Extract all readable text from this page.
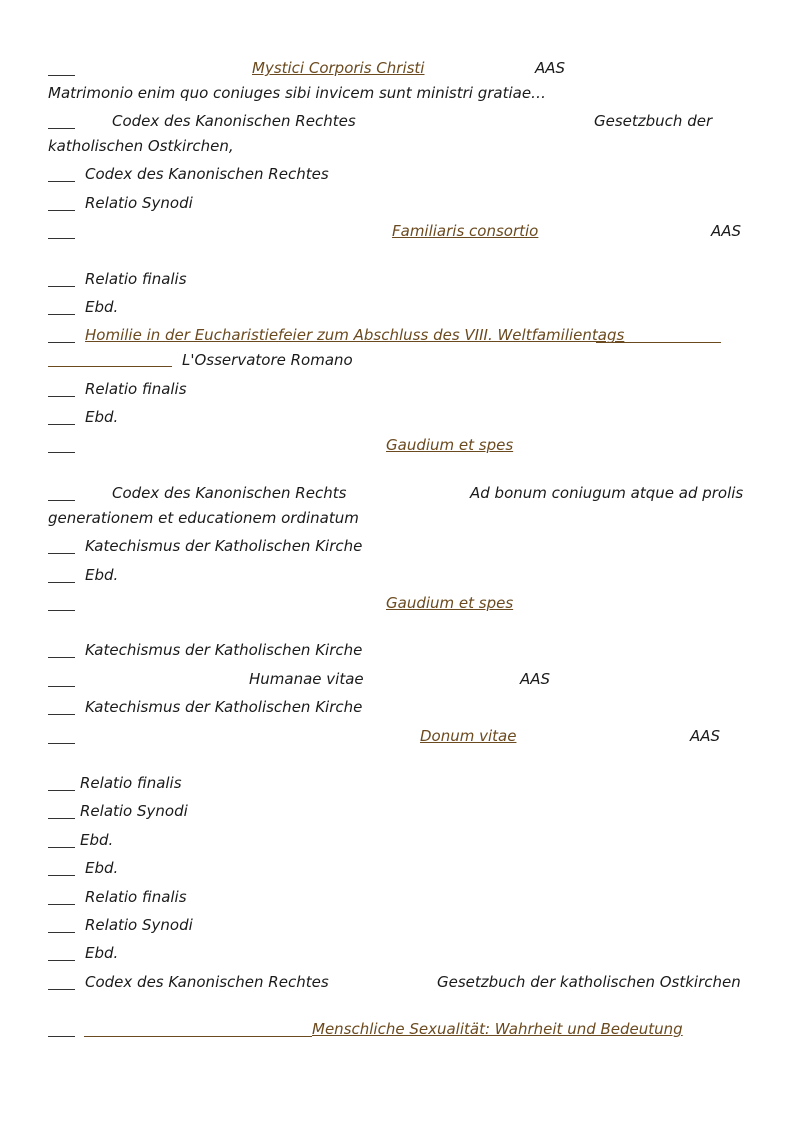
Mystici Corporis Christi	AAS
Matrimonio enim quo coniuges sibi invicem sunt ministri gratiae…
Codex des Kanonischen Rechtes	Gesetzbuch der
katholischen Ostkirchen,
Codex des Kanonischen Rechtes
Relatio Synodi
Familiaris consortio	AAS
Relatio finalis
Ebd.
Homilie in der Eucharistiefeier zum Abschluss des VIII. Weltfamilientags
L'Osservatore Romano
Relatio finalis
Ebd.
Gaudium et spes
Codex des Kanonischen Rechts	Ad bonum coniugum atque ad prolis
generationem et educationem ordinatum
Katechismus der Katholischen Kirche
Ebd.
Gaudium et spes
Katechismus der Katholischen Kirche
Humanae vitae	AAS
Katechismus der Katholischen Kirche
Donum vitae	AAS
Relatio finalis
Relatio Synodi
Ebd.
Ebd.
Relatio finalis
Relatio Synodi
Ebd.
Codex des Kanonischen Rechtes	Gesetzbuch der katholischen Ostkirchen
Menschliche Sexualität: Wahrheit und Bedeutung
